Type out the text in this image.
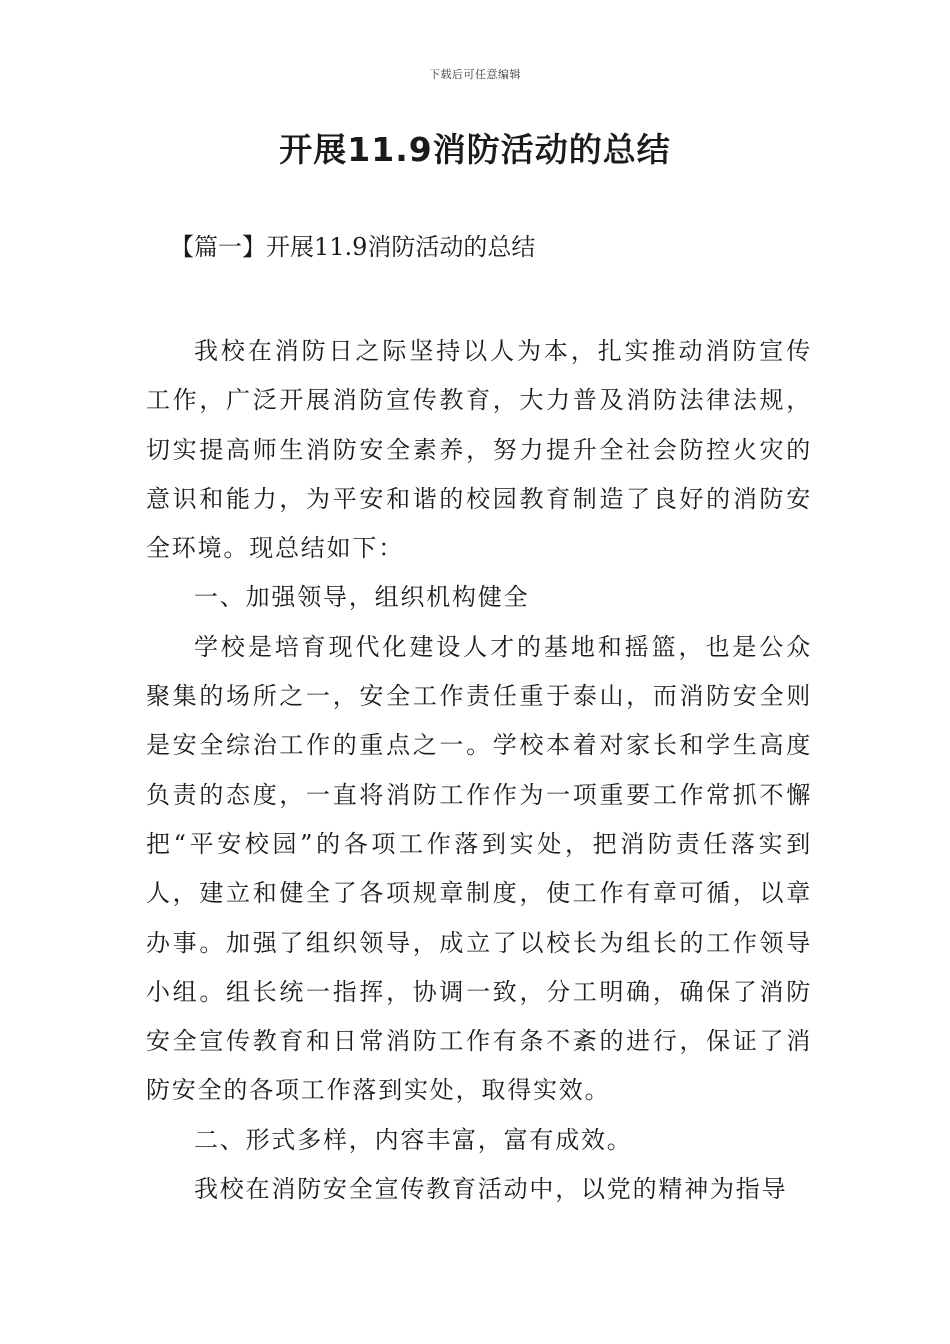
下载后可任意编辑
开展11.9消防活动的总结
【篇一】开展11.9消防活动的总结

我校在消防日之际坚持以人为本，扎实推动消防宣传工作，广泛开展消防宣传教育，大力普及消防法律法规，切实提高师生消防安全素养，努力提升全社会防控火灾的意识和能力，为平安和谐的校园教育制造了良好的消防安全环境。现总结如下：

一、加强领导，组织机构健全

学校是培育现代化建设人才的基地和摇篮，也是公众聚集的场所之一，安全工作责任重于泰山，而消防安全则是安全综治工作的重点之一。学校本着对家长和学生高度负责的态度，一直将消防工作作为一项重要工作常抓不懈把“平安校园”的各项工作落到实处，把消防责任落实到人，建立和健全了各项规章制度，使工作有章可循，以章办事。加强了组织领导，成立了以校长为组长的工作领导小组。组长统一指挥，协调一致，分工明确，确保了消防安全宣传教育和日常消防工作有条不紊的进行，保证了消防安全的各项工作落到实处，取得实效。

二、形式多样，内容丰富，富有成效。

我校在消防安全宣传教育活动中，以党的精神为指导
